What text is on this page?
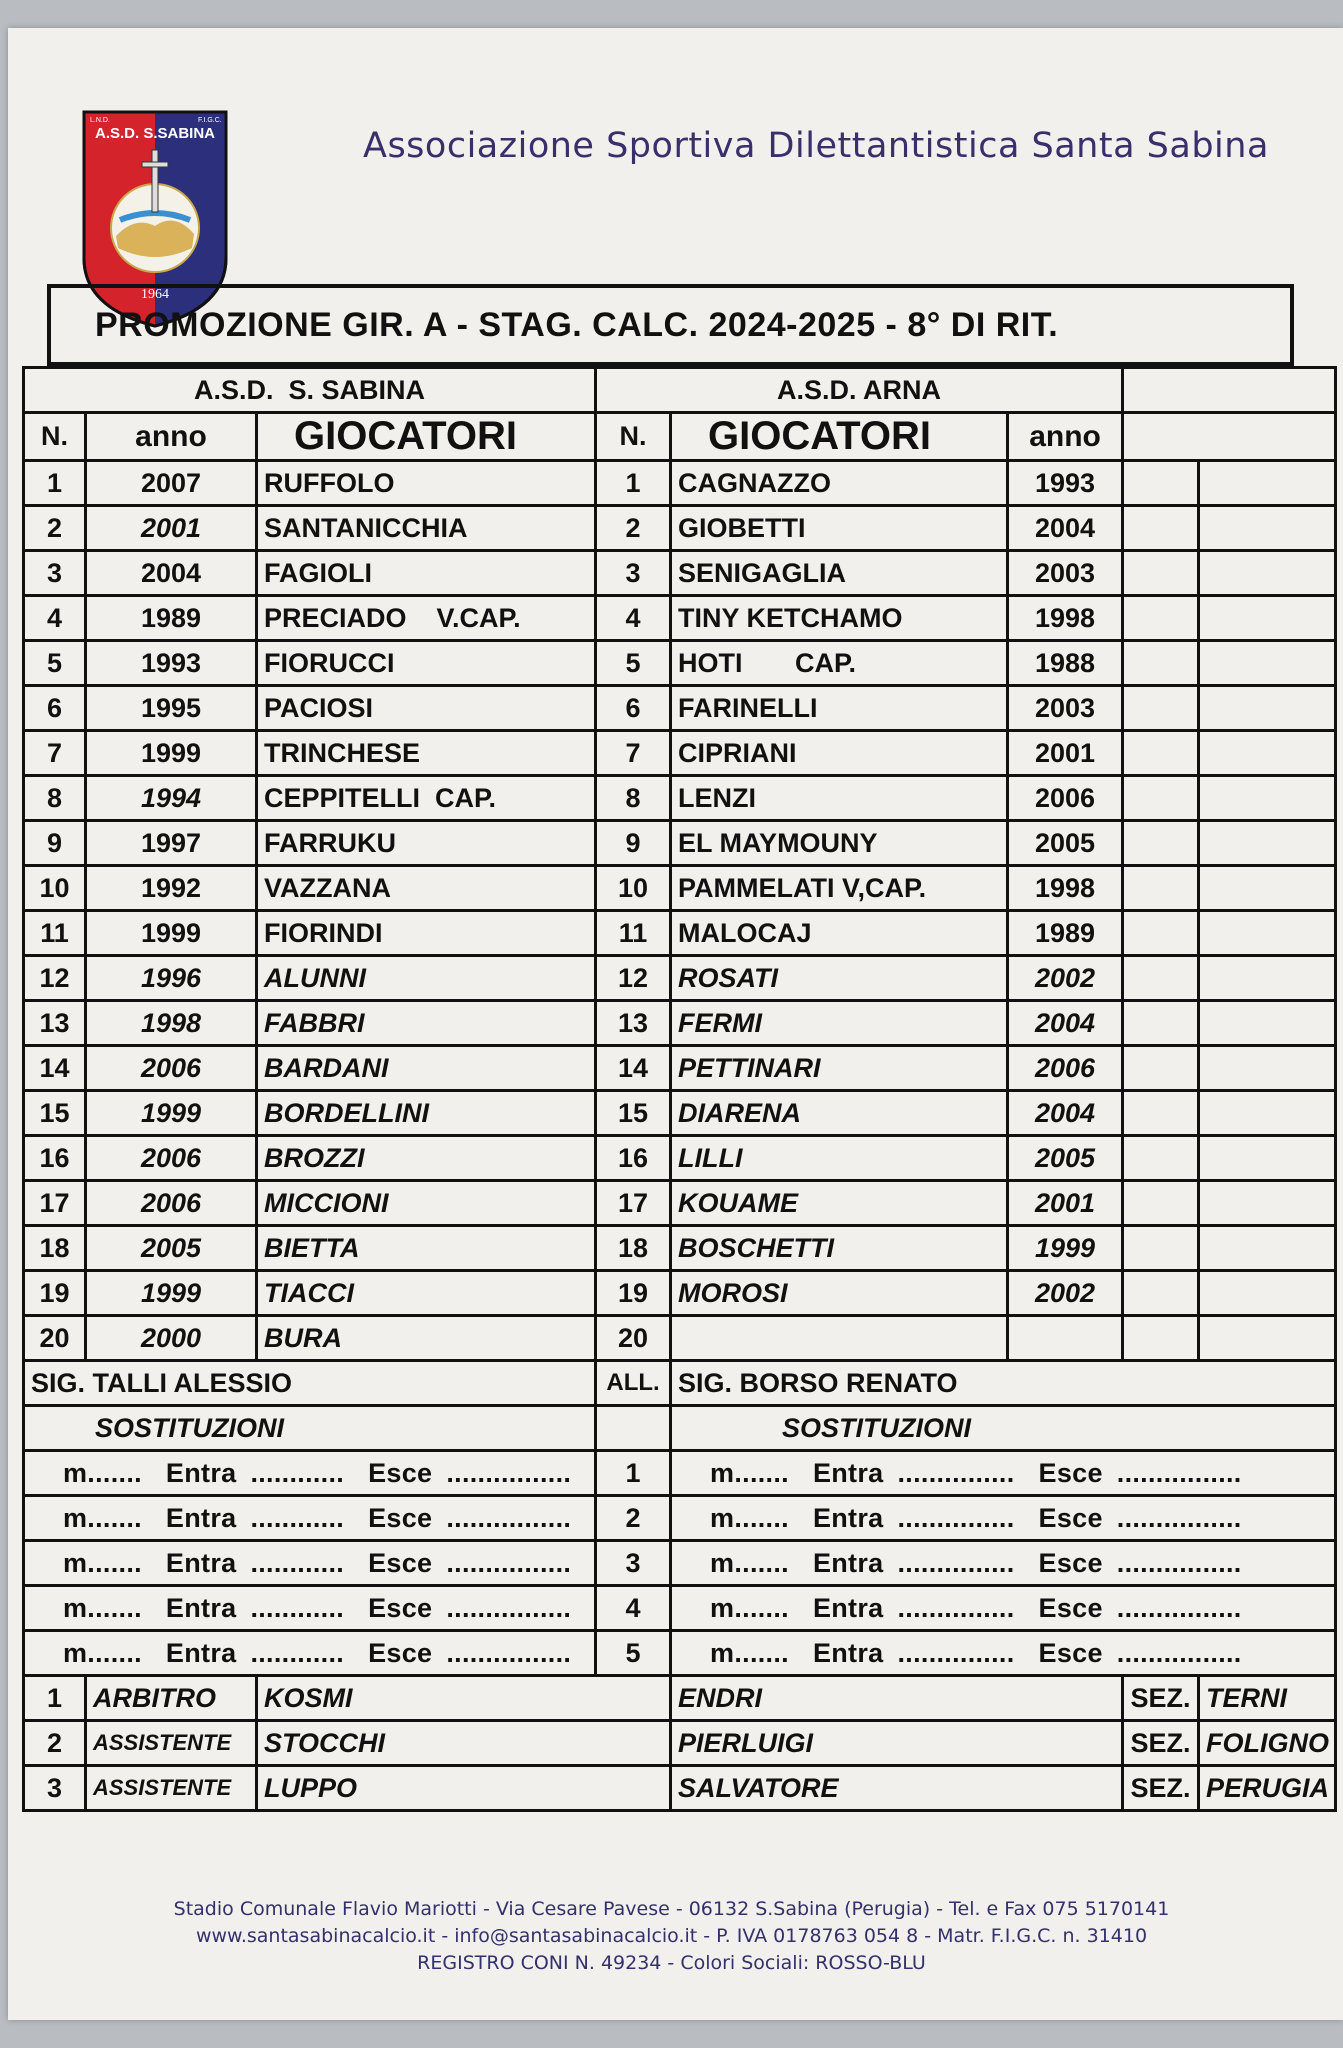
L.N.D.	F.I.G.C.
A.S.D. S.SABINA
1964
Associazione Sportiva Dilettantistica Santa Sabina
PROMOZIONE GIR. A - STAG. CALC. 2024-2025 - 8° DI RIT.
A.S.D.  S. SABINA			A.S.D. ARNA				
N.	anno	GIOCATORI	N.	GIOCATORI	anno		
1	2007	RUFFOLO	1	CAGNAZZO	1993		
2	2001	SANTANICCHIA	2	GIOBETTI	2004		
3	2004	FAGIOLI	3	SENIGAGLIA	2003		
4	1989	PRECIADO    V.CAP.	4	TINY KETCHAMO	1998		
5	1993	FIORUCCI	5	HOTI       CAP.	1988		
6	1995	PACIOSI	6	FARINELLI	2003		
7	1999	TRINCHESE	7	CIPRIANI	2001		
8	1994	CEPPITELLI  CAP.	8	LENZI	2006		
9	1997	FARRUKU	9	EL MAYMOUNY	2005		
10	1992	VAZZANA	10	PAMMELATI V,CAP.	1998		
11	1999	FIORINDI	11	MALOCAJ	1989		
12	1996	ALUNNI	12	ROSATI	2002		
13	1998	FABBRI	13	FERMI	2004		
14	2006	BARDANI	14	PETTINARI	2006		
15	1999	BORDELLINI	15	DIARENA	2004		
16	2006	BROZZI	16	LILLI	2005		
17	2006	MICCIONI	17	KOUAME	2001		
18	2005	BIETTA	18	BOSCHETTI	1999		
19	1999	TIACCI	19	MOROSI	2002		
20	2000	BURA	20				
SIG. TALLI ALESSIO			ALL.	SIG. BORSO RENATO			
SOSTITUZIONI				SOSTITUZIONI			
m....... Entra ............ Esce ................			1	m....... Entra ............... Esce ................			
m....... Entra ............ Esce ................			2	m....... Entra ............... Esce ................			
m....... Entra ............ Esce ................			3	m....... Entra ............... Esce ................			
m....... Entra ............ Esce ................			4	m....... Entra ............... Esce ................			
m....... Entra ............ Esce ................			5	m....... Entra ............... Esce ................			
1	ARBITRO	KOSMI		ENDRI		SEZ.	TERNI
2	ASSISTENTE	STOCCHI		PIERLUIGI		SEZ.	FOLIGNO
3	ASSISTENTE	LUPPO		SALVATORE		SEZ.	PERUGIA
Stadio Comunale Flavio Mariotti - Via Cesare Pavese - 06132 S.Sabina (Perugia) - Tel. e Fax 075 5170141
www.santasabinacalcio.it - info@santasabinacalcio.it - P. IVA 0178763 054 8 - Matr. F.I.G.C. n. 31410
REGISTRO CONI N. 49234 - Colori Sociali: ROSSO-BLU
